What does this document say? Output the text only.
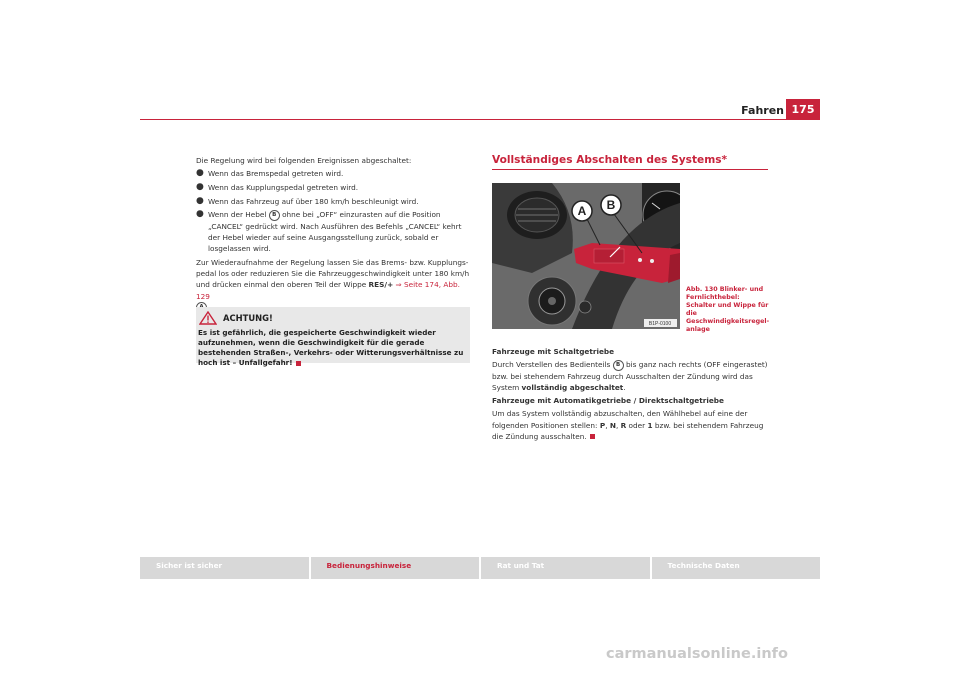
Fahren 175

Die Regelung wird bei folgenden Ereignissen abgeschaltet:

● Wenn das Bremspedal getreten wird.
● Wenn das Kupplungspedal getreten wird.
● Wenn das Fahrzeug auf über 180 km/h beschleunigt wird.
● Wenn der Hebel B ohne bei „OFF“ einzurasten auf die Position „CANCEL“ gedrückt wird. Nach Ausführen des Befehls „CANCEL“ kehrt der Hebel wieder auf seine Ausgangsstellung zurück, sobald er losgelassen wird.

Zur Wiederaufnahme der Regelung lassen Sie das Brems- bzw. Kupplungs-pedal los oder reduzieren Sie die Fahrzeuggeschwindigkeit unter 180 km/h und drücken einmal den oberen Teil der Wippe RES/+ ⇒ Seite 174, Abb. 129

ACHTUNG!
Es ist gefährlich, die gespeicherte Geschwindigkeit wieder aufzunehmen, wenn die Geschwindigkeit für die gerade bestehenden Straßen-, Verkehrs- oder Witterungsverhältnisse zu hoch ist – Unfallgefahr!
Vollständiges Abschalten des Systems*
A B
B1P-0100
Abb. 130 Blinker- und Fernlichthebel: Schalter und Wippe für die Geschwindigkeitsregel-anlage

Fahrzeuge mit Schaltgetriebe

Durch Verstellen des Bedienteils B bis ganz nach rechts (OFF eingerastet) bzw. bei stehendem Fahrzeug durch Ausschalten der Zündung wird das System vollständig abgeschaltet.

Fahrzeuge mit Automatikgetriebe / Direktschaltgetriebe

Um das System vollständig abzuschalten, den Wählhebel auf eine der folgenden Positionen stellen: P, N, R oder 1 bzw. bei stehendem Fahrzeug die Zündung ausschalten.

Sicher ist sicher	Bedienungshinweise	Rat und Tat	Technische Daten
carmanualsonline.info
